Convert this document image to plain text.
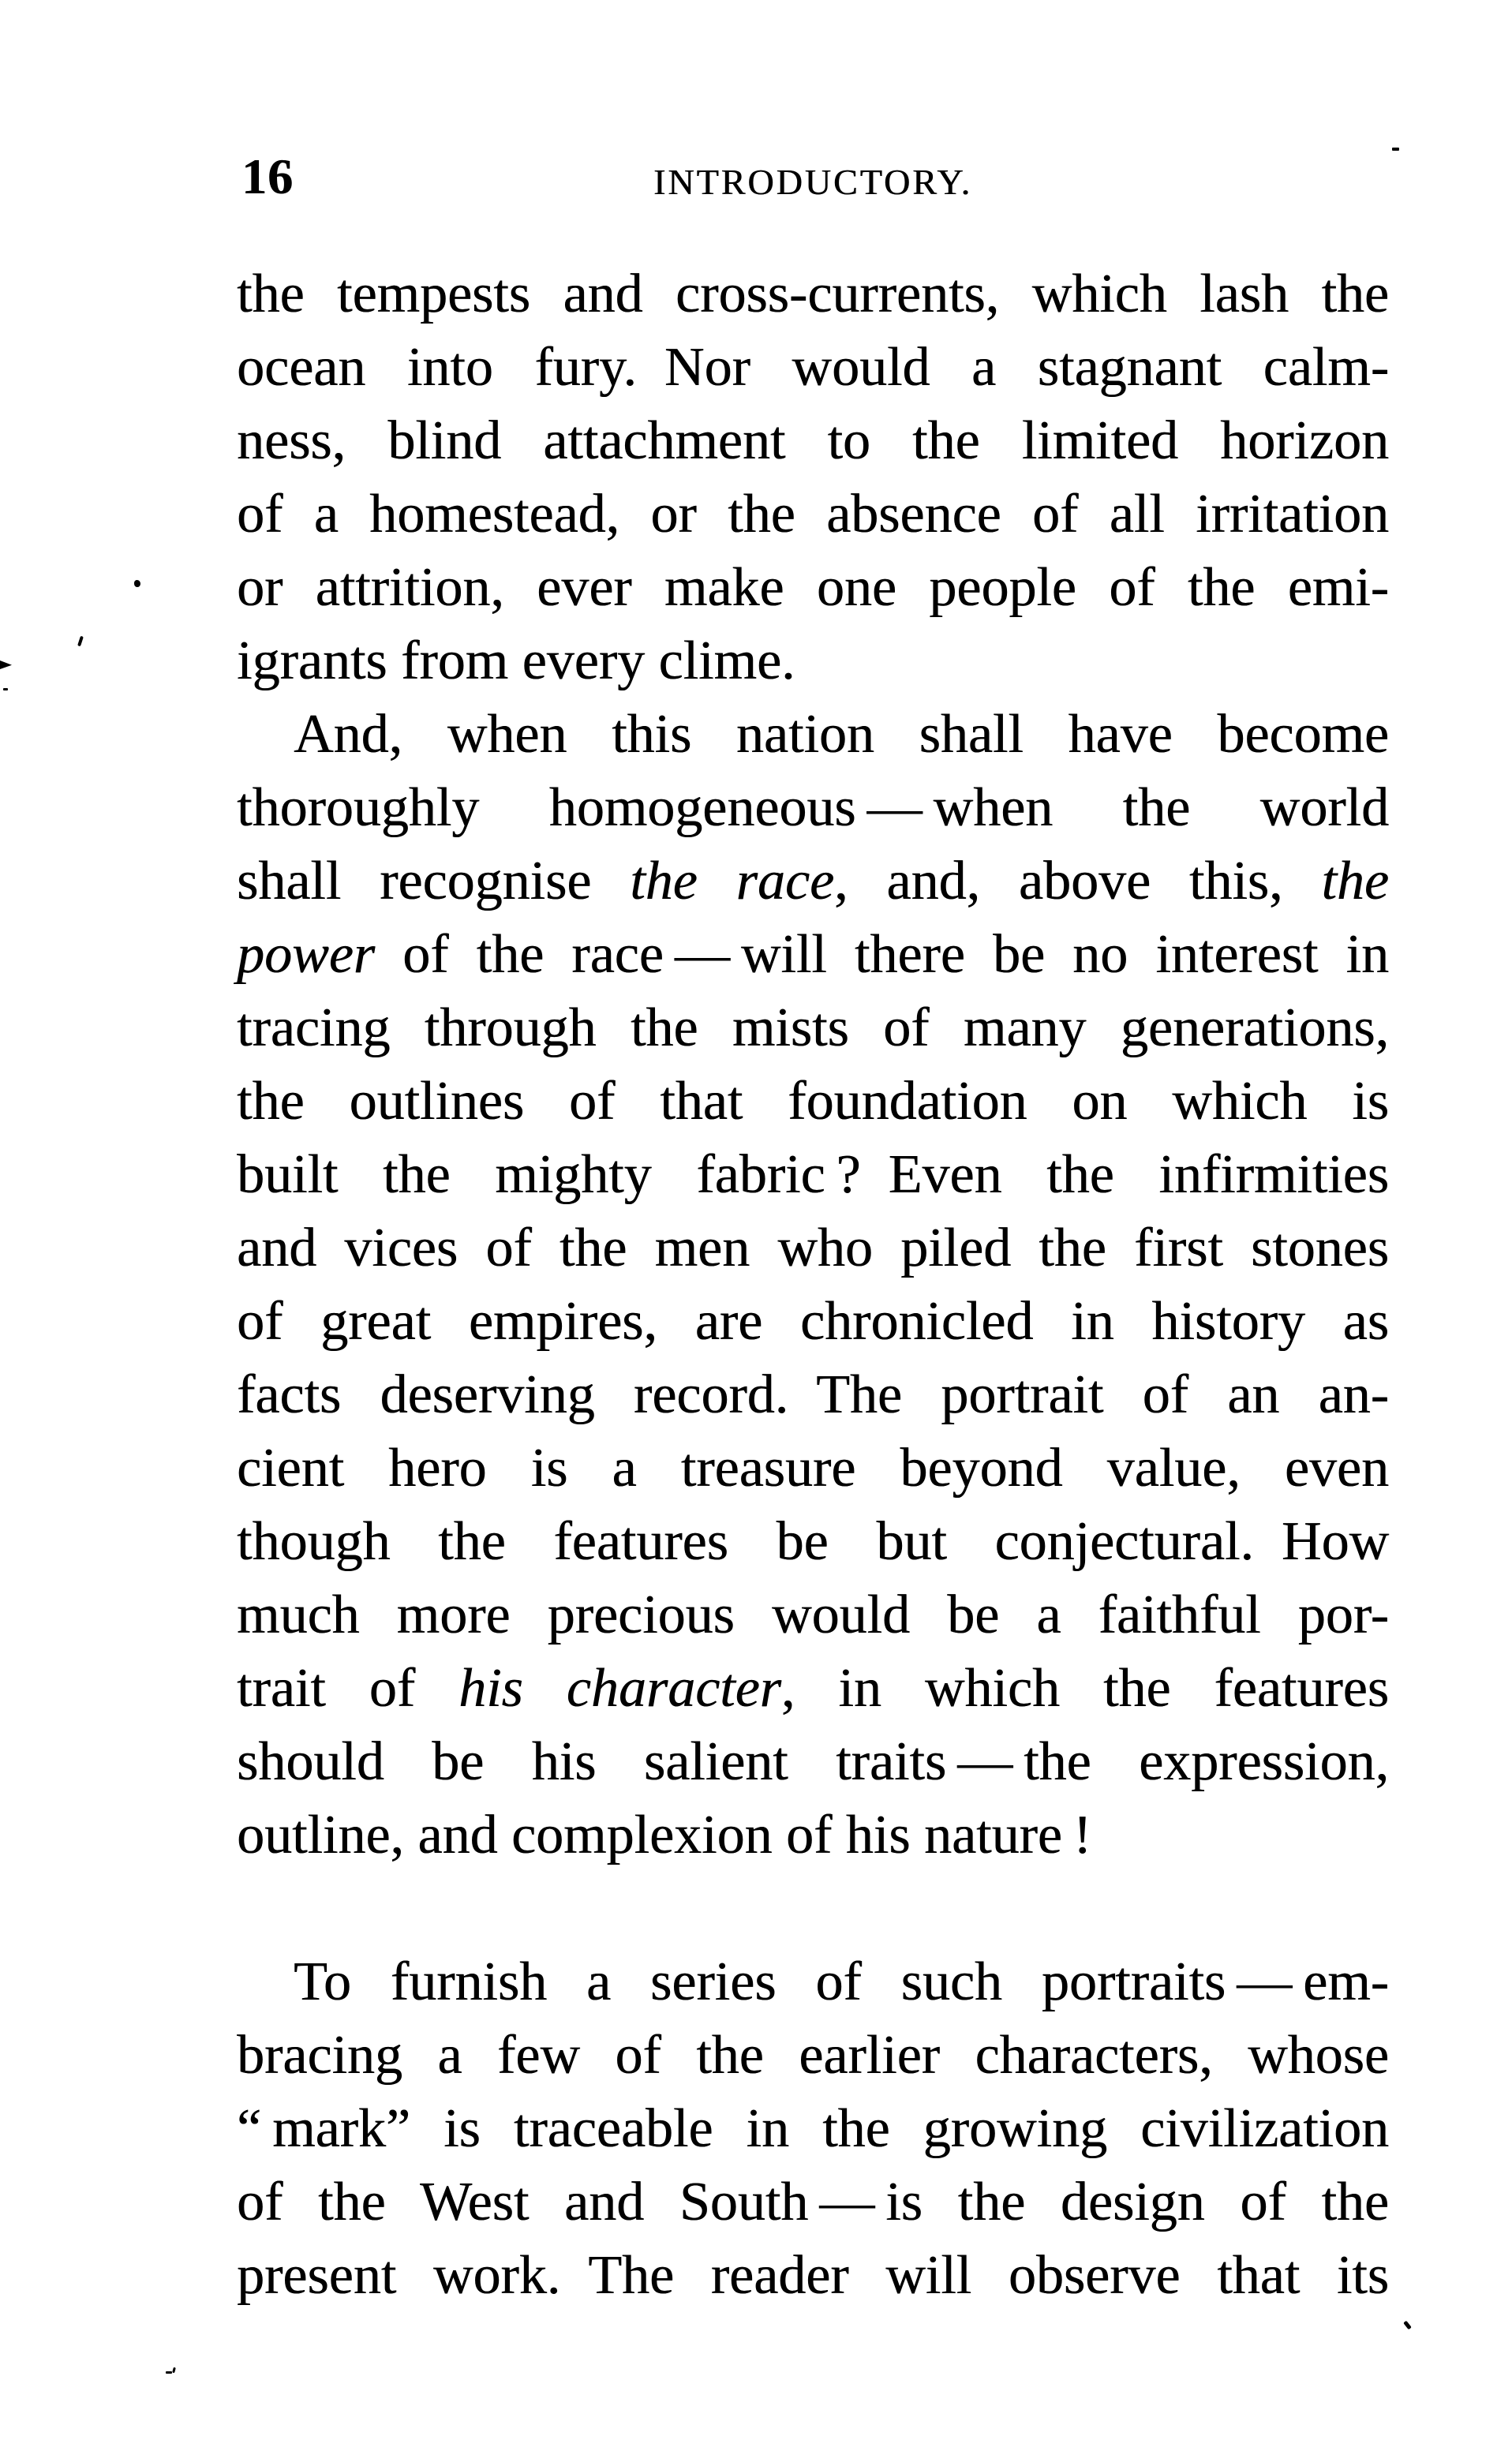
16	INTRODUCTORY.
the tempests and cross-currents, which lash the
ocean into fury. Nor would a stagnant calm-
ness, blind attachment to the limited horizon
of a homestead, or the absence of all irritation
or attrition, ever make one people of the emi-
igrants from every clime.
And, when this nation shall have become
thoroughly homogeneous — when the world
shall recognise the race, and, above this, the
power of the race — will there be no interest in
tracing through the mists of many generations,
the outlines of that foundation on which is
built the mighty fabric ? Even the infirmities
and vices of the men who piled the first stones
of great empires, are chronicled in history as
facts deserving record. The portrait of an an-
cient hero is a treasure beyond value, even
though the features be but conjectural. How
much more precious would be a faithful por-
trait of his character, in which the features
should be his salient traits — the expression,
outline, and complexion of his nature !
To furnish a series of such portraits — em-
bracing a few of the earlier characters, whose
“ mark” is traceable in the growing civilization
of the West and South — is the design of the
present work. The reader will observe that its
